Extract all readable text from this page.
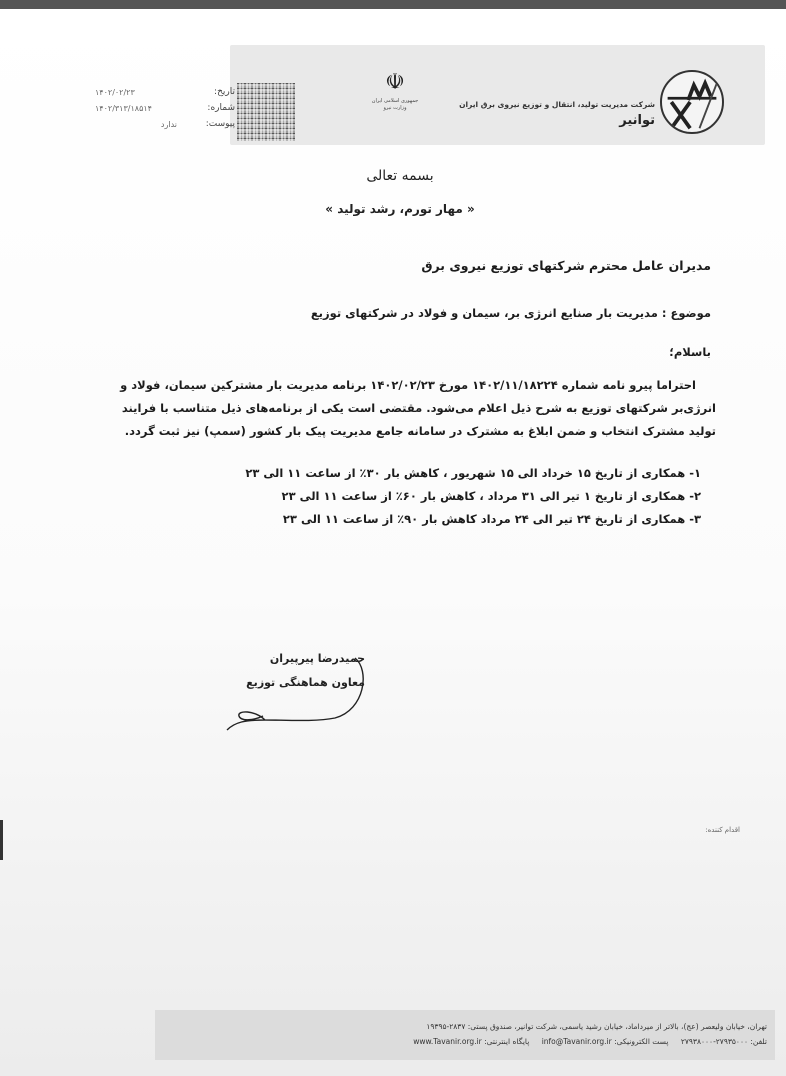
شرکت مدیریت تولید، انتقال و توزیع نیروی برق ایران
توانیر
☫
جمهوری اسلامی ایران
وزارت نیرو
تاریخ:
۱۴۰۲/۰۲/۲۳
شماره:
۱۴۰۲/۳۱۳/۱۸۵۱۴
پیوست:
ندارد
بسمه تعالی
« مهار تورم، رشد تولید »
مدیران عامل محترم شرکتهای توزیع نیروی برق
موضوع : مدیریت بار صنایع انرژی بر، سیمان و فولاد در شرکتهای توزیع
باسلام؛
احتراما پیرو نامه شماره ۱۴۰۲/۱۱/۱۸۲۲۴ مورخ ۱۴۰۲/۰۲/۲۳ برنامه مدیریت بار مشترکین سیمان، فولاد و
انرژی‌بر شرکتهای توزیع به شرح ذیل اعلام می‌شود. مقتضی است یکی از برنامه‌های ذیل متناسب با فرایند
تولید مشترک انتخاب و ضمن ابلاغ به مشترک در سامانه جامع مدیریت پیک بار کشور (سمپ) نیز ثبت گردد.
۱- همکاری از تاریخ ۱۵ خرداد الی ۱۵ شهریور ، کاهش بار ۳۰٪ از ساعت ۱۱ الی ۲۳
۲- همکاری از تاریخ ۱ تیر الی ۳۱ مرداد ، کاهش بار ۶۰٪ از ساعت ۱۱ الی ۲۳
۳- همکاری از تاریخ ۲۴ تیر الی ۲۴ مرداد کاهش بار ۹۰٪ از ساعت ۱۱ الی ۲۳
حمیدرضا پیرپیران
معاون هماهنگی توزیع
اقدام کننده:
تهران، خیابان ولیعصر (عج)، بالاتر از میرداماد، خیابان رشید یاسمی، شرکت توانیر، صندوق پستی: ۲۸۳۷-۱۹۳۹۵
تلفن: ۲۷۹۳۵۰۰۰-۲۷۹۳۸۰۰۰ پست الکترونیکی: info@Tavanir.org.ir پایگاه اینترنتی: www.Tavanir.org.ir
